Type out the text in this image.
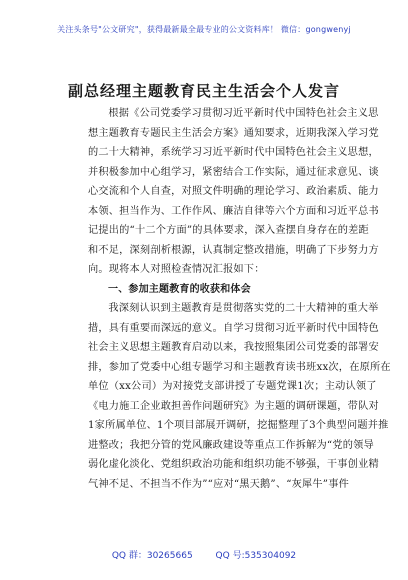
关注头条号"公文研究"，获得最新最全最专业的公文资料库！ 微信：gongwenyj
副总经理主题教育民主生活会个人发言
根据《公司党委学习贯彻习近平新时代中国特色社会主义思
想主题教育专题民主生活会方案》通知要求，近期我深入学习党
的二十大精神，系统学习习近平新时代中国特色社会主义思想，
并积极参加中心组学习，紧密结合工作实际，通过征求意见、谈
心交流和个人自查，对照文件明确的理论学习、政治素质、能力
本领、担当作为、工作作风、廉洁自律等六个方面和习近平总书
记提出的“十二个方面”的具体要求，深入查摆自身存在的差距
和不足，深刻剖析根源，认真制定整改措施，明确了下步努力方
向。现将本人对照检查情况汇报如下：
一、参加主题教育的收获和体会
我深刻认识到主题教育是贯彻落实党的二十大精神的重大举
措，具有重要而深远的意义。自学习贯彻习近平新时代中国特色
社会主义思想主题教育启动以来，我按照集团公司党委的部署安
排，参加了党委中心组专题学习和主题教育读书班xx次，在原所在
单位（xx公司）为对接党支部讲授了专题党课1次；主动认领了
《电力施工企业敢担善作问题研究》为主题的调研课题，带队对
1家所属单位、1个项目部展开调研，挖掘整理了3个典型问题并推
进整改；我把分管的党风廉政建设等重点工作拆解为“党的领导
弱化虚化淡化、党组织政治功能和组织功能不够强，干事创业精
气神不足、不担当不作为”“应对“黑天鹅”、“灰犀牛”事件
QQ 群：30265665	QQ 号:535304092
